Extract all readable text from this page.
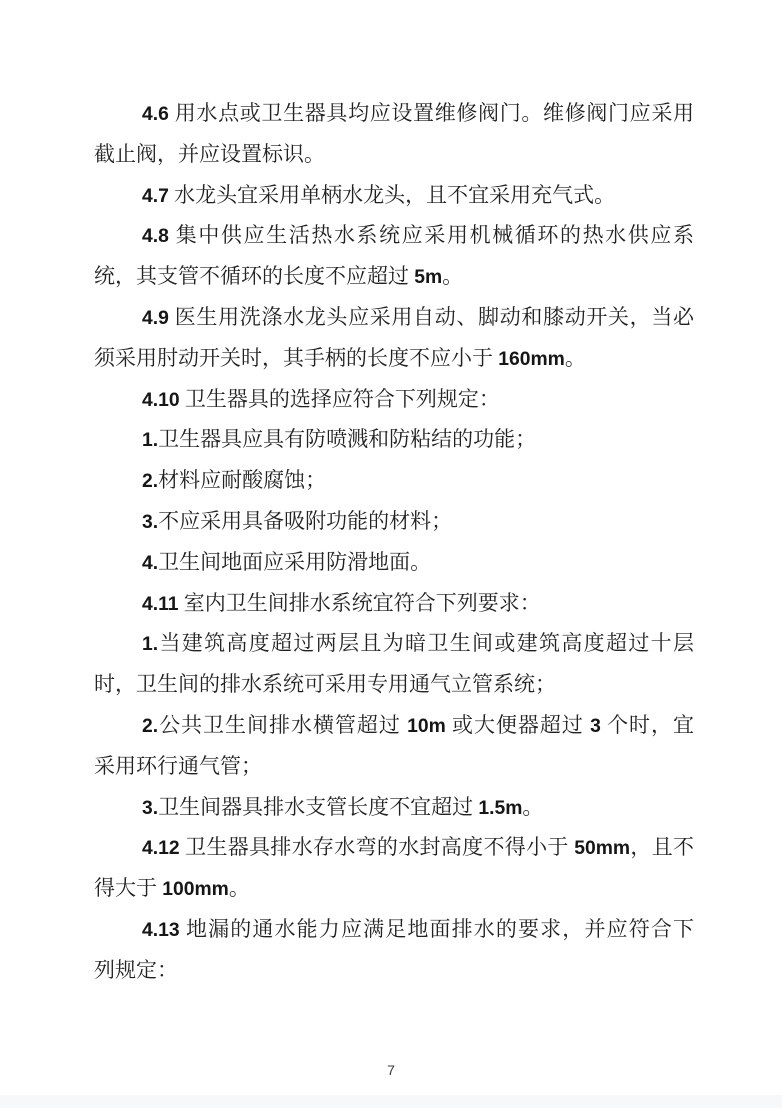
4.6 用水点或卫生器具均应设置维修阀门。维修阀门应采用
截止阀，并应设置标识。
4.7 水龙头宜采用单柄水龙头，且不宜采用充气式。
4.8 集中供应生活热水系统应采用机械循环的热水供应系
统，其支管不循环的长度不应超过 5m。
4.9 医生用洗涤水龙头应采用自动、脚动和膝动开关，当必
须采用肘动开关时，其手柄的长度不应小于 160mm。
4.10 卫生器具的选择应符合下列规定：
1.卫生器具应具有防喷溅和防粘结的功能；
2.材料应耐酸腐蚀；
3.不应采用具备吸附功能的材料；
4.卫生间地面应采用防滑地面。
4.11 室内卫生间排水系统宜符合下列要求：
1.当建筑高度超过两层且为暗卫生间或建筑高度超过十层
时，卫生间的排水系统可采用专用通气立管系统；
2.公共卫生间排水横管超过 10m 或大便器超过 3 个时，宜
采用环行通气管；
3.卫生间器具排水支管长度不宜超过 1.5m。
4.12 卫生器具排水存水弯的水封高度不得小于 50mm，且不
得大于 100mm。
4.13 地漏的通水能力应满足地面排水的要求，并应符合下
列规定：
7
